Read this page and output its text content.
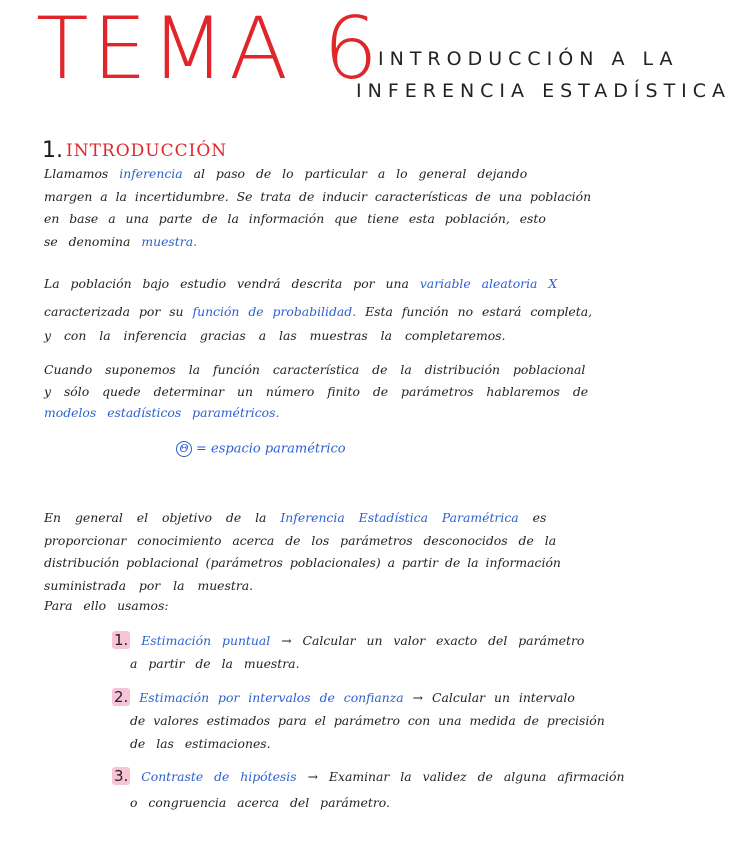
TEMA 6
INTRODUCCIÓN A LA
INFERENCIA ESTADÍSTICA
1. INTRODUCCIÓN
Llamamos inferencia al paso de lo particular a lo general dejando
margen a la incertidumbre. Se trata de inducir características de una población
en base a una parte de la información que tiene esta población, esto
se denomina muestra.
La población bajo estudio vendrá descrita por una variable aleatoria X
caracterizada por su función de probabilidad. Esta función no estará completa,
y con la inferencia gracias a las muestras la completaremos.
Cuando suponemos la función característica de la distribución poblacional
y sólo quede determinar un número finito de parámetros hablaremos de
modelos estadísticos paramétricos.
Θ = espacio paramétrico
En general el objetivo de la Inferencia Estadística Paramétrica es
proporcionar conocimiento acerca de los parámetros desconocidos de la
distribución poblacional (parámetros poblacionales) a partir de la información
suministrada por la muestra.
Para ello usamos:
1. Estimación puntual → Calcular un valor exacto del parámetro
a partir de la muestra.
2. Estimación por intervalos de confianza → Calcular un intervalo
de valores estimados para el parámetro con una medida de precisión
de las estimaciones.
3. Contraste de hipótesis → Examinar la validez de alguna afirmación
o congruencia acerca del parámetro.
